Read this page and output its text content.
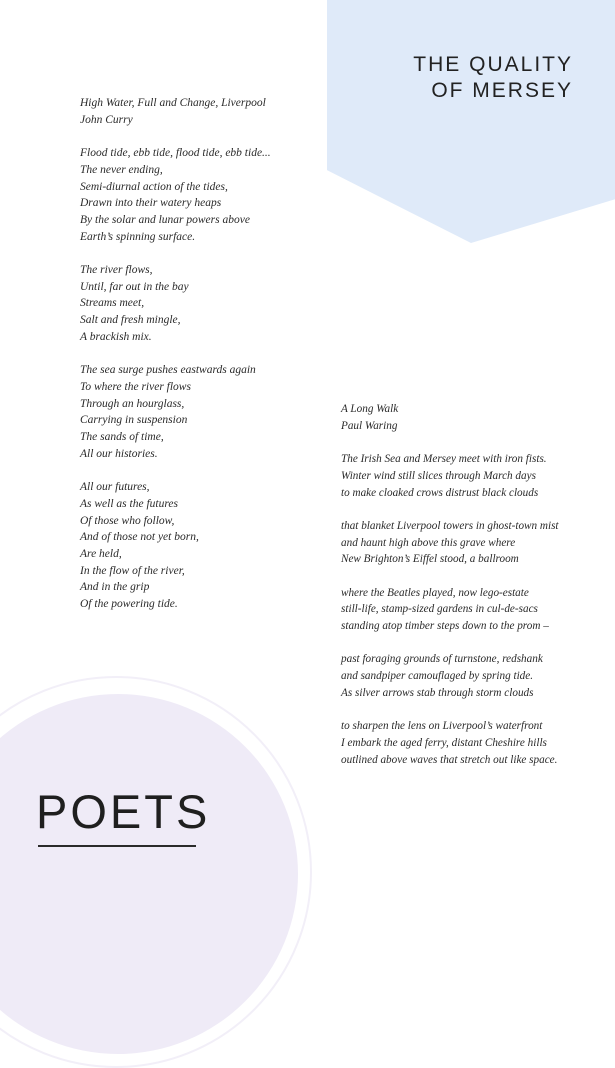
THE QUALITY
OF MERSEY
POETS
High Water, Full and Change, Liverpool
John Curry
Flood tide, ebb tide, flood tide, ebb tide...
The never ending,
Semi-diurnal action of the tides,
Drawn into their watery heaps
By the solar and lunar powers above
Earth’s spinning surface.
The river flows,
Until, far out in the bay
Streams meet,
Salt and fresh mingle,
A brackish mix.
The sea surge pushes eastwards again
To where the river flows
Through an hourglass,
Carrying in suspension
The sands of time,
All our histories.
All our futures,
As well as the futures
Of those who follow,
And of those not yet born,
Are held,
In the flow of the river,
And in the grip
Of the powering tide.
A Long Walk
Paul Waring
The Irish Sea and Mersey meet with iron fists.
Winter wind still slices through March days
to make cloaked crows distrust black clouds
that blanket Liverpool towers in ghost-town mist
and haunt high above this grave where
New Brighton’s Eiffel stood, a ballroom
where the Beatles played, now lego-estate
still-life, stamp-sized gardens in cul-de-sacs
standing atop timber steps down to the prom –
past foraging grounds of turnstone, redshank
and sandpiper camouflaged by spring tide.
As silver arrows stab through storm clouds
to sharpen the lens on Liverpool’s waterfront
I embark the aged ferry, distant Cheshire hills
outlined above waves that stretch out like space.
